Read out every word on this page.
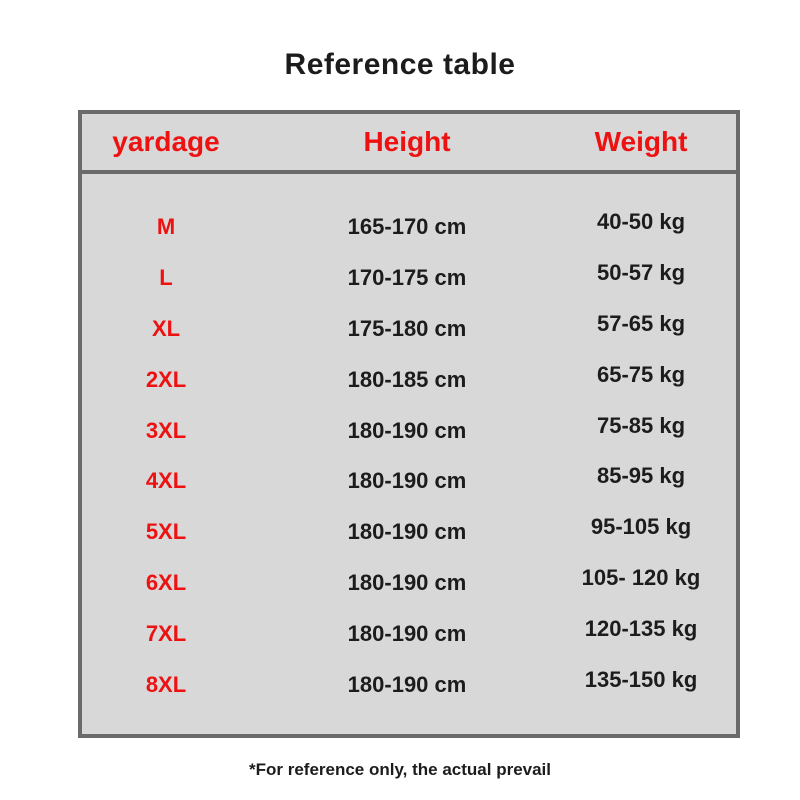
Reference table
yardage	Height	Weight
M	165-170 cm	40-50 kg
L	170-175 cm	50-57 kg
XL	175-180 cm	57-65 kg
2XL	180-185 cm	65-75 kg
3XL	180-190 cm	75-85 kg
4XL	180-190 cm	85-95 kg
5XL	180-190 cm	95-105 kg
6XL	180-190 cm	105- 120 kg
7XL	180-190 cm	120-135 kg
8XL	180-190 cm	135-150 kg
*For reference only, the actual prevail
